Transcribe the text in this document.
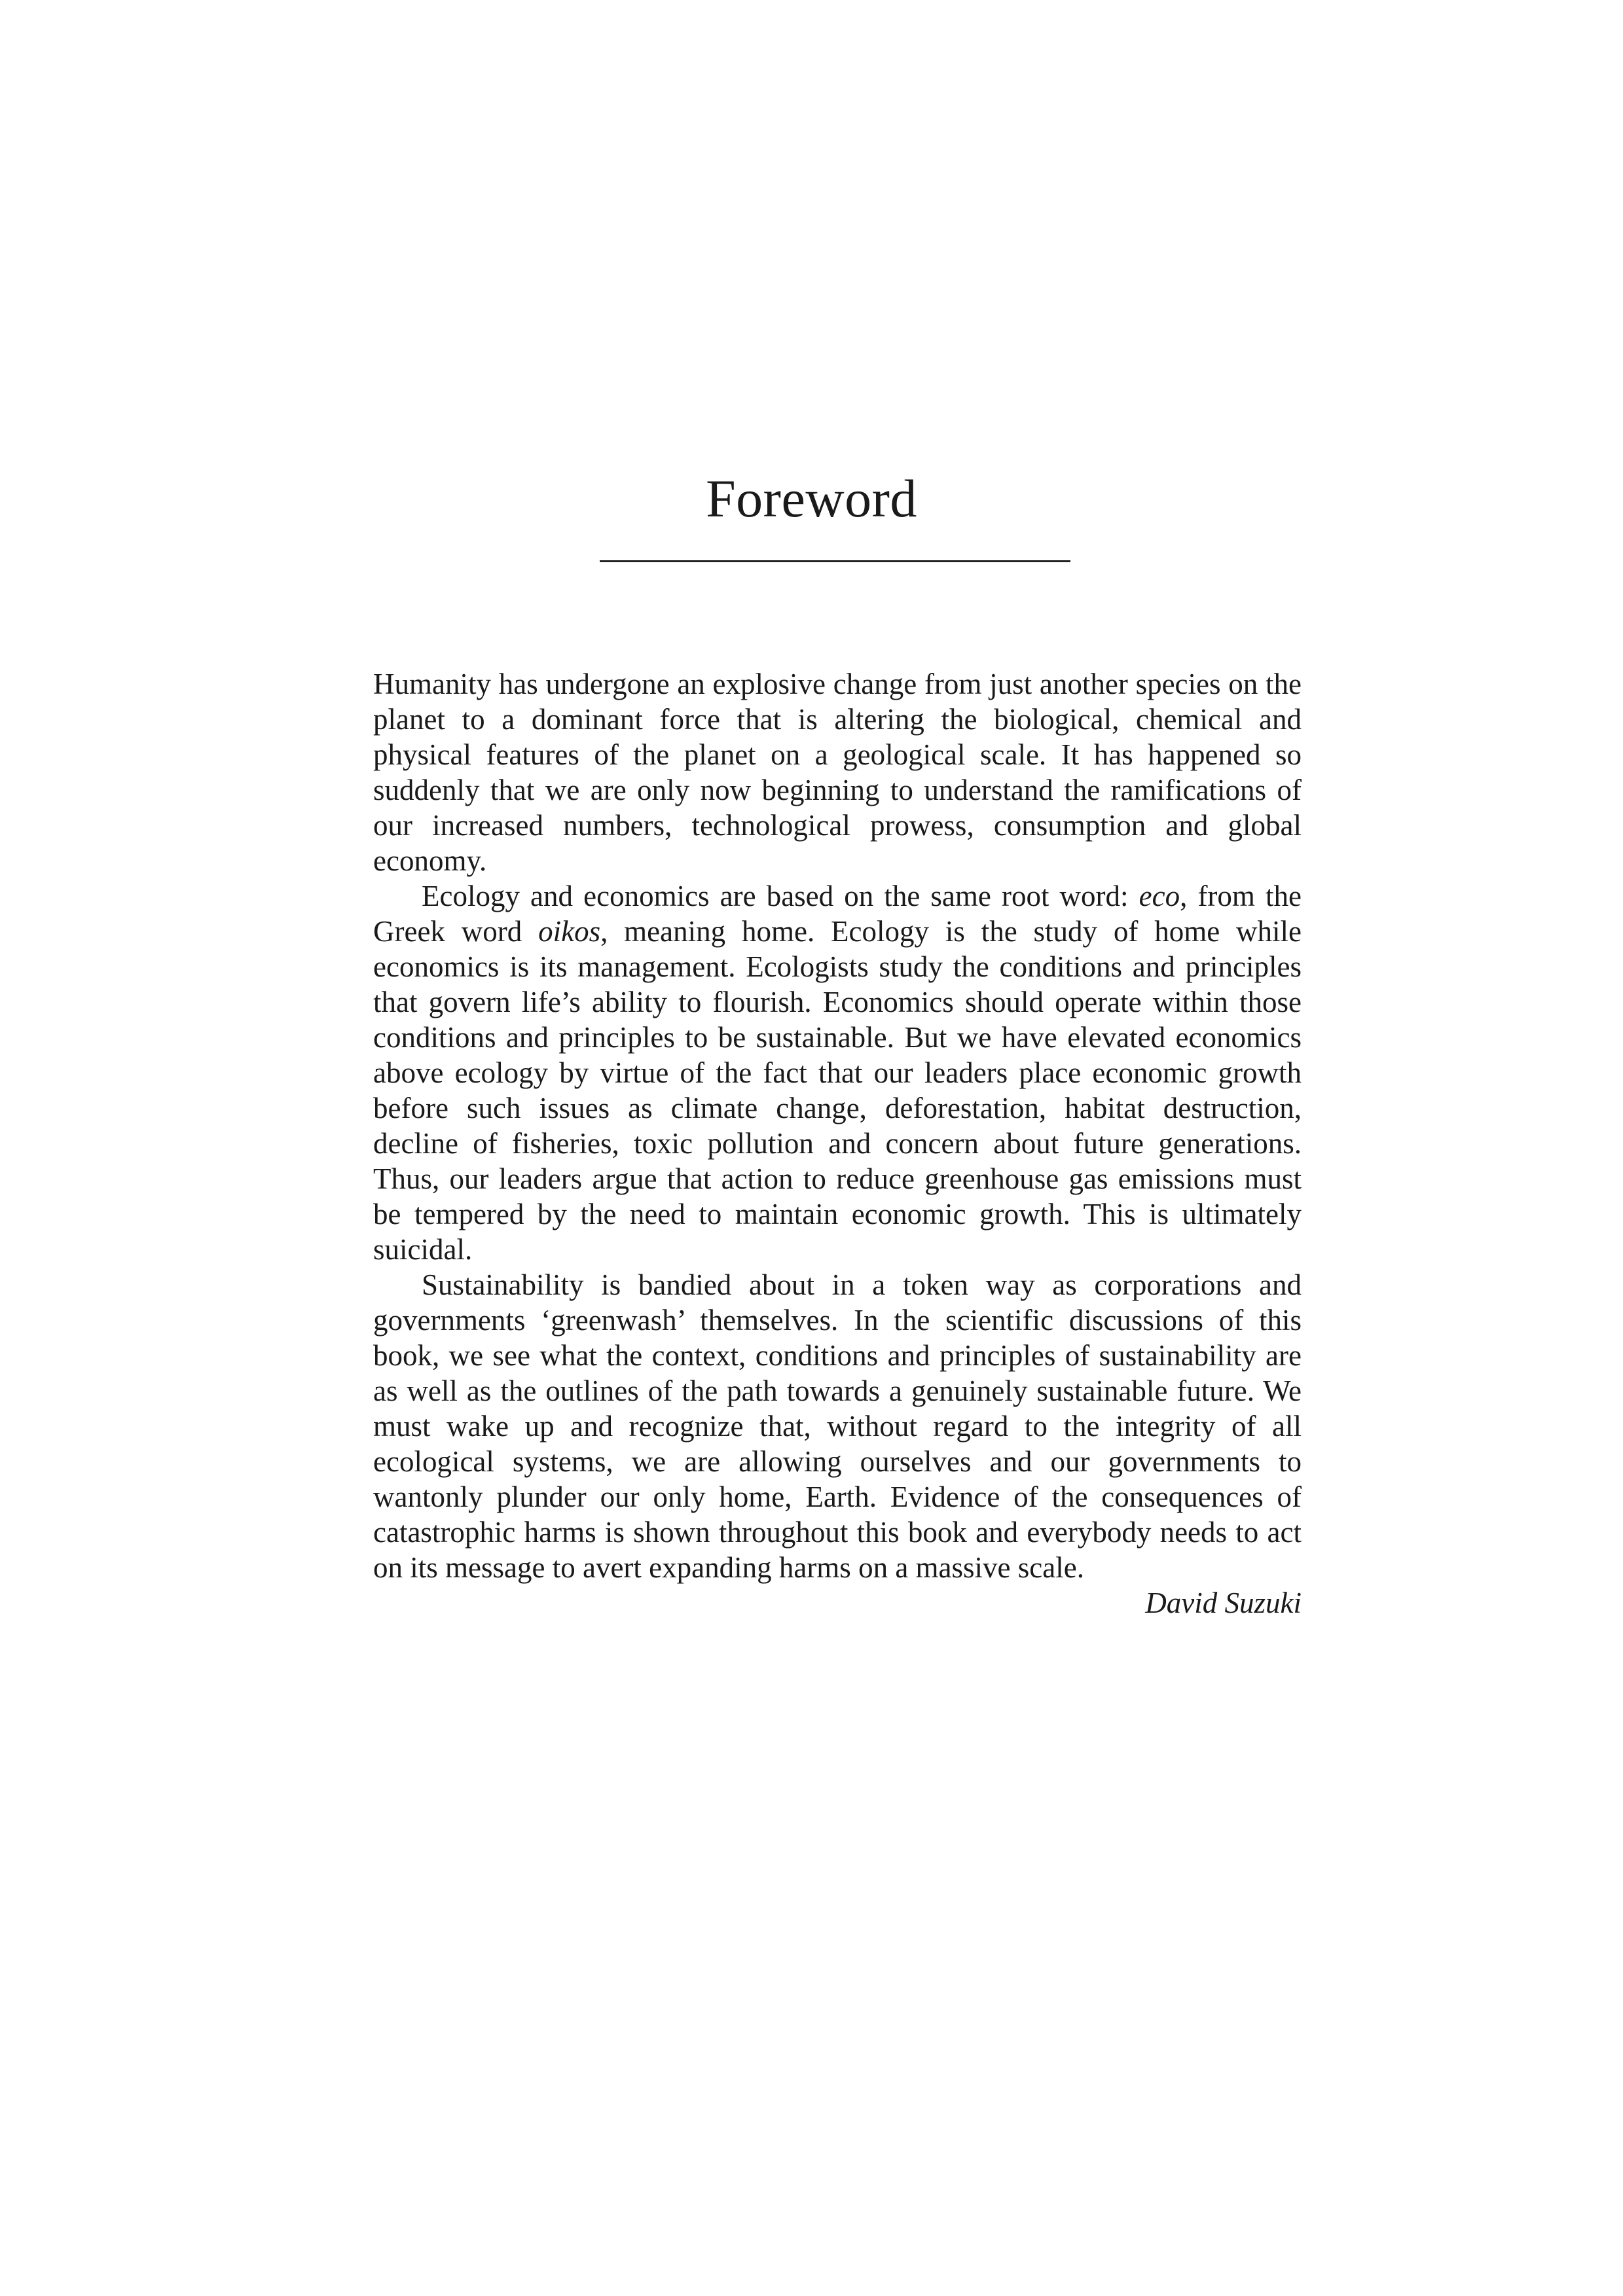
Foreword

Humanity has undergone an explosive change from just another species on the planet to a dominant force that is altering the biological, chemical and physical features of the planet on a geological scale. It has happened so suddenly that we are only now beginning to understand the ramifications of our increased numbers, technological prowess, consumption and global economy.

Ecology and economics are based on the same root word: eco, from the Greek word oikos, meaning home. Ecology is the study of home while economics is its management. Ecologists study the conditions and principles that govern life’s ability to flourish. Economics should operate within those conditions and principles to be sustainable. But we have elevated economics above ecology by virtue of the fact that our leaders place economic growth before such issues as climate change, deforestation, habitat destruction, decline of fisheries, toxic pollution and concern about future generations. Thus, our leaders argue that action to reduce greenhouse gas emissions must be tempered by the need to maintain economic growth. This is ultimately suicidal.

Sustainability is bandied about in a token way as corporations and governments ‘greenwash’ themselves. In the scientific discussions of this book, we see what the context, conditions and principles of sustainability are as well as the outlines of the path towards a genuinely sustainable future. We must wake up and recognize that, without regard to the integrity of all ecological systems, we are allowing ourselves and our governments to wantonly plunder our only home, Earth. Evidence of the consequences of catastrophic harms is shown throughout this book and everybody needs to act on its message to avert expanding harms on a massive scale.

David Suzuki
